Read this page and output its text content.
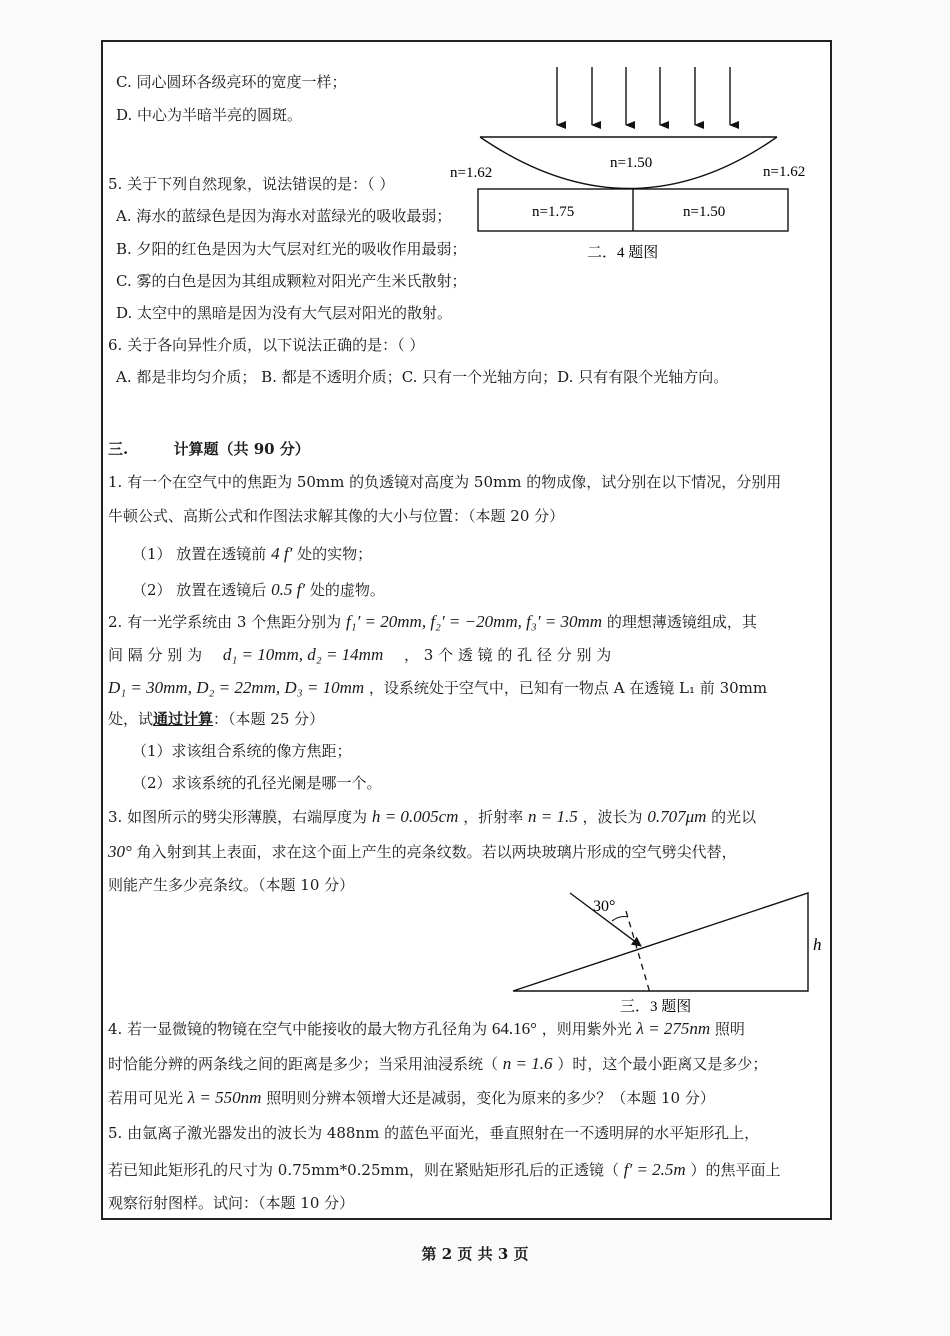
C. 同心圆环各级亮环的宽度一样；
D. 中心为半暗半亮的圆斑。
5. 关于下列自然现象，说法错误的是：（ ）
A. 海水的蓝绿色是因为海水对蓝绿光的吸收最弱；
B. 夕阳的红色是因为大气层对红光的吸收作用最弱；
C. 雾的白色是因为其组成颗粒对阳光产生米氏散射；
D. 太空中的黑暗是因为没有大气层对阳光的散射。
6. 关于各向异性介质，以下说法正确的是：（ ）
A. 都是非均匀介质； B. 都是不透明介质；C. 只有一个光轴方向；D. 只有有限个光轴方向。
n=1.50
n=1.62	n=1.62
n=1.75	n=1.50
二．4 题图
三.	计算题（共 90 分）
1. 有一个在空气中的焦距为 50mm 的负透镜对高度为 50mm 的物成像，试分别在以下情况，分别用
牛顿公式、高斯公式和作图法求解其像的大小与位置：（本题 20 分）
（1） 放置在透镜前 4 f′ 处的实物；
（2） 放置在透镜后 0.5 f′ 处的虚物。
2. 有一光学系统由 3 个焦距分别为 f₁′ = 20mm, f₂′ = −20mm, f₃′ = 30mm 的理想薄透镜组成，其
间 隔 分 别 为 d₁ = 10mm, d₂ = 14mm ， 3 个 透 镜 的 孔 径 分 别 为
D₁ = 30mm, D₂ = 22mm, D₃ = 10mm ，设系统处于空气中，已知有一物点 A 在透镜 L₁ 前 30mm
处，试通过计算：（本题 25 分）
（1）求该组合系统的像方焦距；
（2）求该系统的孔径光阑是哪一个。
3. 如图所示的劈尖形薄膜，右端厚度为 h = 0.005cm ，折射率 n = 1.5 ，波长为 0.707μm 的光以
30° 角入射到其上表面，求在这个面上产生的亮条纹数。若以两块玻璃片形成的空气劈尖代替，
则能产生多少亮条纹。（本题 10 分）
30°
h
三．3 题图
4. 若一显微镜的物镜在空气中能接收的最大物方孔径角为 64.16° ，则用紫外光 λ = 275nm 照明
时恰能分辨的两条线之间的距离是多少；当采用油浸系统（ n = 1.6 ）时，这个最小距离又是多少；
若用可见光 λ = 550nm 照明则分辨本领增大还是减弱，变化为原来的多少？（本题 10 分）
5. 由氩离子激光器发出的波长为 488nm 的蓝色平面光，垂直照射在一不透明屏的水平矩形孔上，
若已知此矩形孔的尺寸为 0.75mm*0.25mm，则在紧贴矩形孔后的正透镜（ f′ = 2.5m ）的焦平面上
观察衍射图样。试问：（本题 10 分）
第 2 页 共 3 页
